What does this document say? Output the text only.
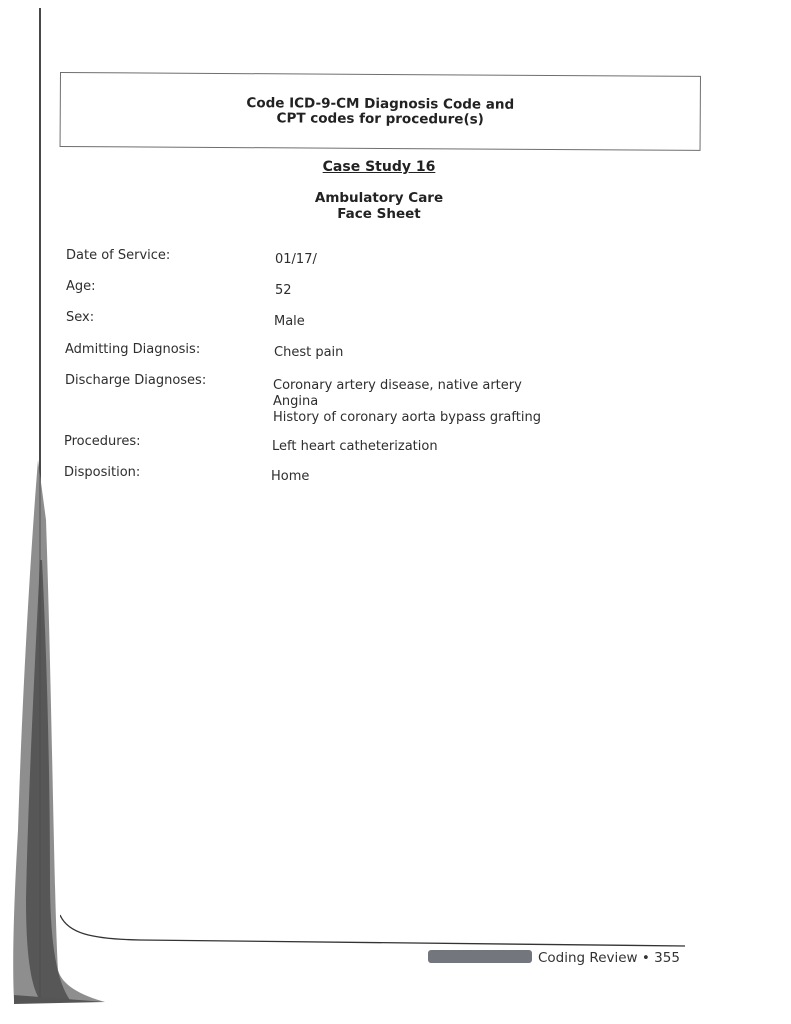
Code ICD-9-CM Diagnosis Code and
CPT codes for procedure(s)
Case Study 16
Ambulatory Care
Face Sheet
Date of Service:	01/17/
Age:	52
Sex:	Male
Admitting Diagnosis:	Chest pain
Discharge Diagnoses:	Coronary artery disease, native artery
Angina
History of coronary aorta bypass grafting
Procedures:	Left heart catheterization
Disposition:	Home
Coding Review • 355
